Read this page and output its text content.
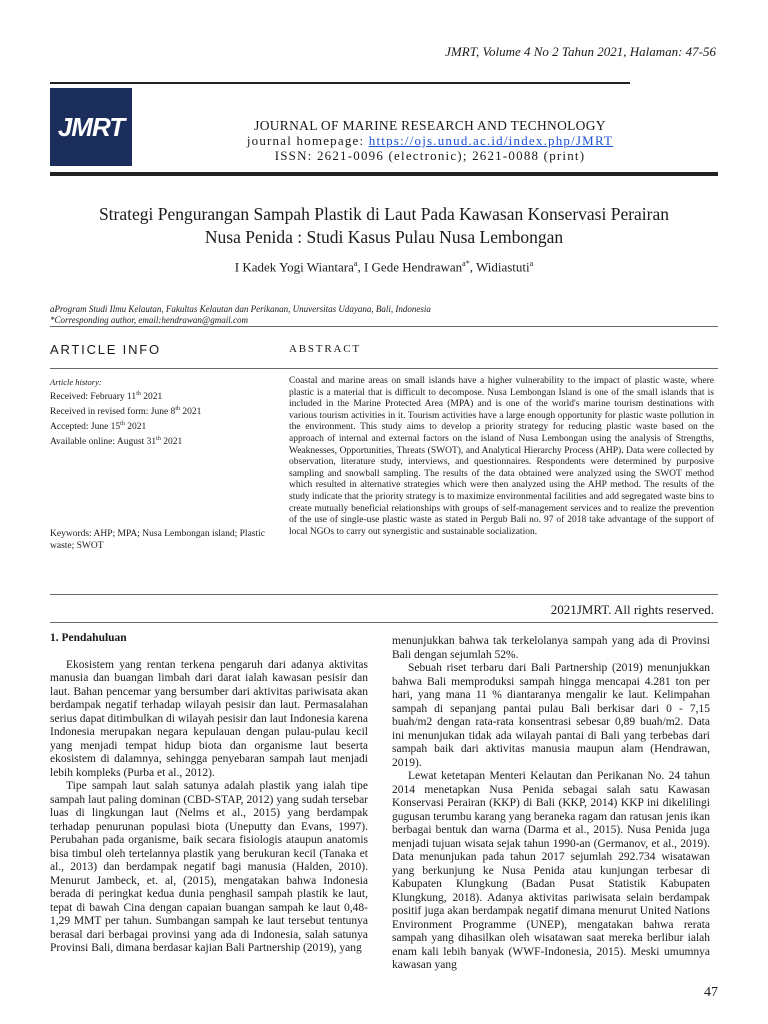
JMRT, Volume 4 No 2 Tahun 2021, Halaman: 47-56
JMRT	JOURNAL OF MARINE RESEARCH AND TECHNOLOGY
journal homepage: https://ojs.unud.ac.id/index.php/JMRT
ISSN: 2621-0096 (electronic); 2621-0088 (print)
Strategi Pengurangan Sampah Plastik di Laut Pada Kawasan Konservasi Perairan
Nusa Penida : Studi Kasus Pulau Nusa Lembongan
I Kadek Yogi Wiantara$^a$, I Gede Hendrawan$^{a*}$, Widiastuti$^a$
aProgram Studi Ilmu Kelautan, Fakultas Kelautan dan Perikanan, Unuversitas Udayana, Bali, Indonesia
*Corresponding author, email:hendrawan@gmail.com
ARTICLE INFO	ABSTRACT
Article history:
Received: February 11th 2021
Received in revised form: June 8th 2021
Accepted: June 15th 2021
Available online: August 31th 2021
Keywords: AHP; MPA; Nusa Lembongan island; Plastic waste; SWOT
Coastal and marine areas on small islands have a higher vulnerability to the impact of plastic waste, where plastic is a material that is difficult to decompose. Nusa Lembongan Island is one of the small islands that is included in the Marine Protected Area (MPA) and is one of the world's marine tourism destinations with various tourism activities in it. Tourism activities have a large enough opportunity for plastic waste pollution in the environment. This study aims to develop a priority strategy for reducing plastic waste based on the approach of internal and external factors on the island of Nusa Lembongan using the analysis of Strengths, Weaknesses, Opportunities, Threats (SWOT), and Analytical Hierarchy Process (AHP). Data were collected by observation, literature study, interviews, and questionnaires. Respondents were determined by purposive sampling and snowball sampling. The results of the data obtained were analyzed using the SWOT method which resulted in alternative strategies which were then analyzed using the AHP method. The results of the study indicate that the priority strategy is to maximize environmental facilities and add segregated waste bins to create mutually beneficial relationships with groups of self-management services and to realize the prevention of the use of single-use plastic waste as stated in Pergub Bali no. 97 of 2018 take advantage of the support of local NGOs to carry out synergistic and sustainable socialization.
2021JMRT. All rights reserved.
1. Pendahuluan

Ekosistem yang rentan terkena pengaruh dari adanya aktivitas manusia dan buangan limbah dari darat ialah kawasan pesisir dan laut. Bahan pencemar yang bersumber dari aktivitas pariwisata akan berdampak negatif terhadap wilayah pesisir dan laut. Permasalahan serius dapat ditimbulkan di wilayah pesisir dan laut Indonesia karena Indonesia merupakan negara kepulauan dengan pulau-pulau kecil yang menjadi tempat hidup biota dan organisme laut beserta ekosistem di dalamnya, sehingga penyebaran sampah laut menjadi lebih kompleks (Purba et al., 2012).

Tipe sampah laut salah satunya adalah plastik yang ialah tipe sampah laut paling dominan (CBD-STAP, 2012) yang sudah tersebar luas di lingkungan laut (Nelms et al., 2015) yang berdampak terhadap penurunan populasi biota (Uneputty dan Evans, 1997). Perubahan pada organisme, baik secara fisiologis ataupun anatomis bisa timbul oleh tertelannya plastik yang berukuran kecil (Tanaka et al., 2013) dan berdampak negatif bagi manusia (Halden, 2010). Menurut Jambeck, et. al, (2015), mengatakan bahwa Indonesia berada di peringkat kedua dunia penghasil sampah plastik ke laut, tepat di bawah Cina dengan capaian buangan sampah ke laut 0,48-1,29 MMT per tahun. Sumbangan sampah ke laut tersebut tentunya berasal dari berbagai provinsi yang ada di Indonesia, salah satunya Provinsi Bali, dimana berdasar kajian Bali Partnership (2019), yang

menunjukkan bahwa tak terkelolanya sampah yang ada di Provinsi Bali dengan sejumlah 52%.

Sebuah riset terbaru dari Bali Partnership (2019) menunjukkan bahwa Bali memproduksi sampah hingga mencapai 4.281 ton per hari, yang mana 11 % diantaranya mengalir ke laut. Kelimpahan sampah di sepanjang pantai pulau Bali berkisar dari 0 - 7,15 buah/m2 dengan rata-rata konsentrasi sebesar 0,89 buah/m2. Data ini menunjukan tidak ada wilayah pantai di Bali yang terbebas dari sampah baik dari aktivitas manusia maupun alam (Hendrawan, 2019).

Lewat ketetapan Menteri Kelautan dan Perikanan No. 24 tahun 2014 menetapkan Nusa Penida sebagai salah satu Kawasan Konservasi Perairan (KKP) di Bali (KKP, 2014) KKP ini dikelilingi gugusan terumbu karang yang beraneka ragam dan ratusan jenis ikan berbagai bentuk dan warna (Darma et al., 2015). Nusa Penida juga menjadi tujuan wisata sejak tahun 1990-an (Germanov, et al., 2019). Data menunjukan pada tahun 2017 sejumlah 292.734 wisatawan yang berkunjung ke Nusa Penida atau kunjungan terbesar di Kabupaten Klungkung (Badan Pusat Statistik Kabupaten Klungkung, 2018). Adanya aktivitas pariwisata selain berdampak positif juga akan berdampak negatif dimana menurut United Nations Environment Programme (UNEP), mengatakan bahwa rerata sampah yang dihasilkan oleh wisatawan saat mereka berlibur ialah enam kali lebih banyak (WWF-Indonesia, 2015). Meski umumnya kawasan yang

47
